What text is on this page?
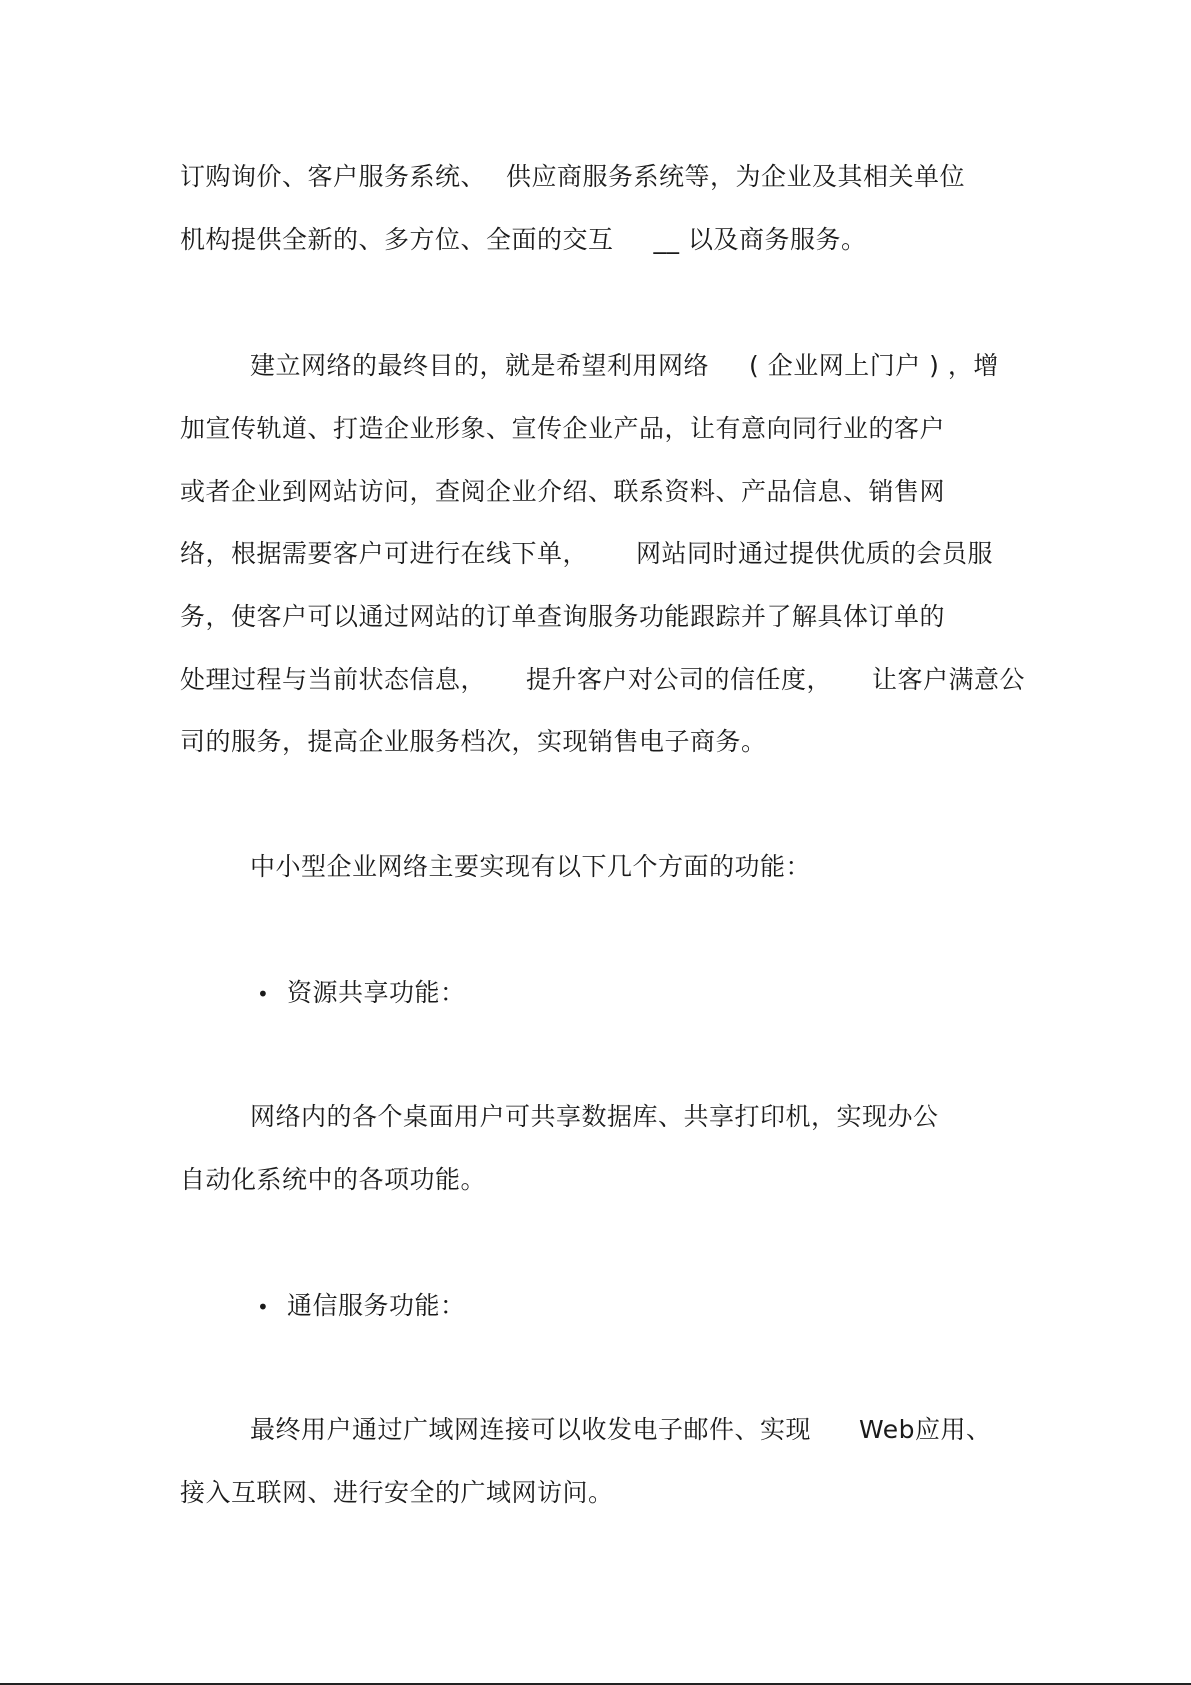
订购询价、客户服务系统、 供应商服务系统等，为企业及其相关单位
机构提供全新的、多方位、全面的交互 __ 以及商务服务。
建立网络的最终目的，就是希望利用网络 ( 企业网上门户 ) ，增
加宣传轨道、打造企业形象、宣传企业产品，让有意向同行业的客户
或者企业到网站访问，查阅企业介绍、联系资料、产品信息、销售网
络，根据需要客户可进行在线下单， 网站同时通过提供优质的会员服
务，使客户可以通过网站的订单查询服务功能跟踪并了解具体订单的
处理过程与当前状态信息， 提升客户对公司的信任度， 让客户满意公
司的服务，提高企业服务档次，实现销售电子商务。
中小型企业网络主要实现有以下几个方面的功能：
• 资源共享功能：
网络内的各个桌面用户可共享数据库、共享打印机，实现办公
自动化系统中的各项功能。
• 通信服务功能：
最终用户通过广域网连接可以收发电子邮件、实现 Web应用、
接入互联网、进行安全的广域网访问。
